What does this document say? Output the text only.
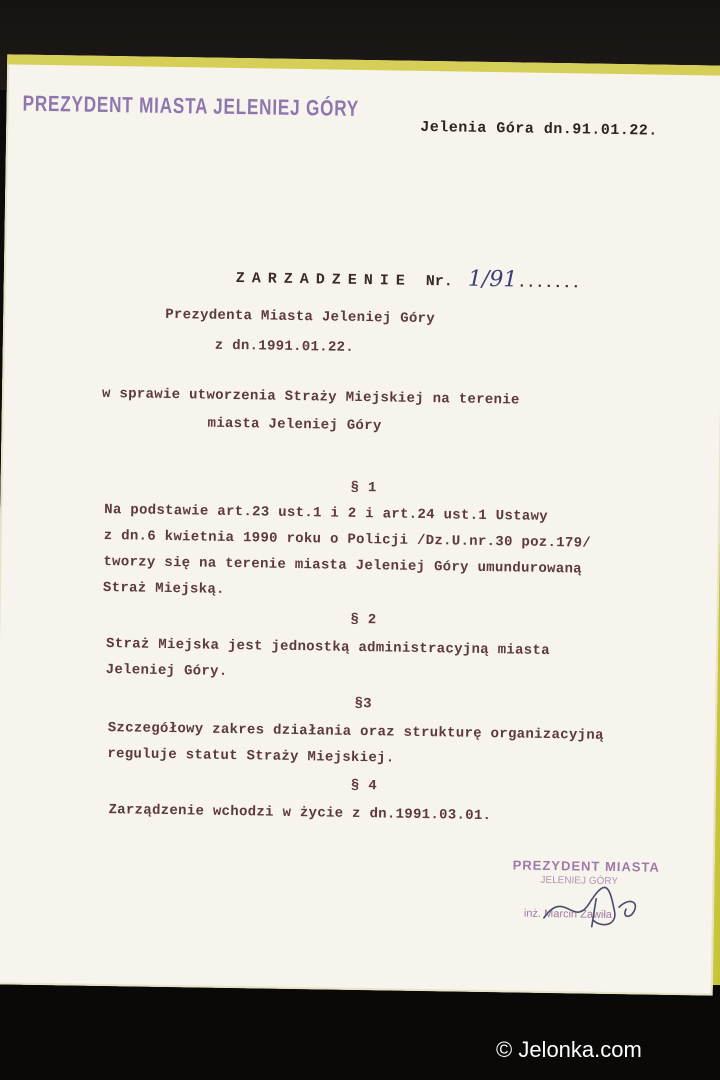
PREZYDENT MIASTA JELENIEJ GÓRY
Jelenia Góra dn.91.01.22.
ZARZADZENIE Nr. 1/91.......
Prezydenta Miasta Jeleniej Góry
z dn.1991.01.22.
w sprawie utworzenia Straży Miejskiej na terenie
miasta Jeleniej Góry
§ 1
Na podstawie art.23 ust.1 i 2 i art.24 ust.1 Ustawy
z dn.6 kwietnia 1990 roku o Policji /Dz.U.nr.30 poz.179/
tworzy się na terenie miasta Jeleniej Góry umundurowaną
Straż Miejską.
§ 2
Straż Miejska jest jednostką administracyjną miasta
Jeleniej Góry.
§3
Szczegółowy zakres działania oraz strukturę organizacyjną
reguluje statut Straży Miejskiej.
§ 4
Zarządzenie wchodzi w życie z dn.1991.03.01.
PREZYDENT MIASTA
JELENIEJ GÓRY
inż. Marcin Zawiła
© Jelonka.com
